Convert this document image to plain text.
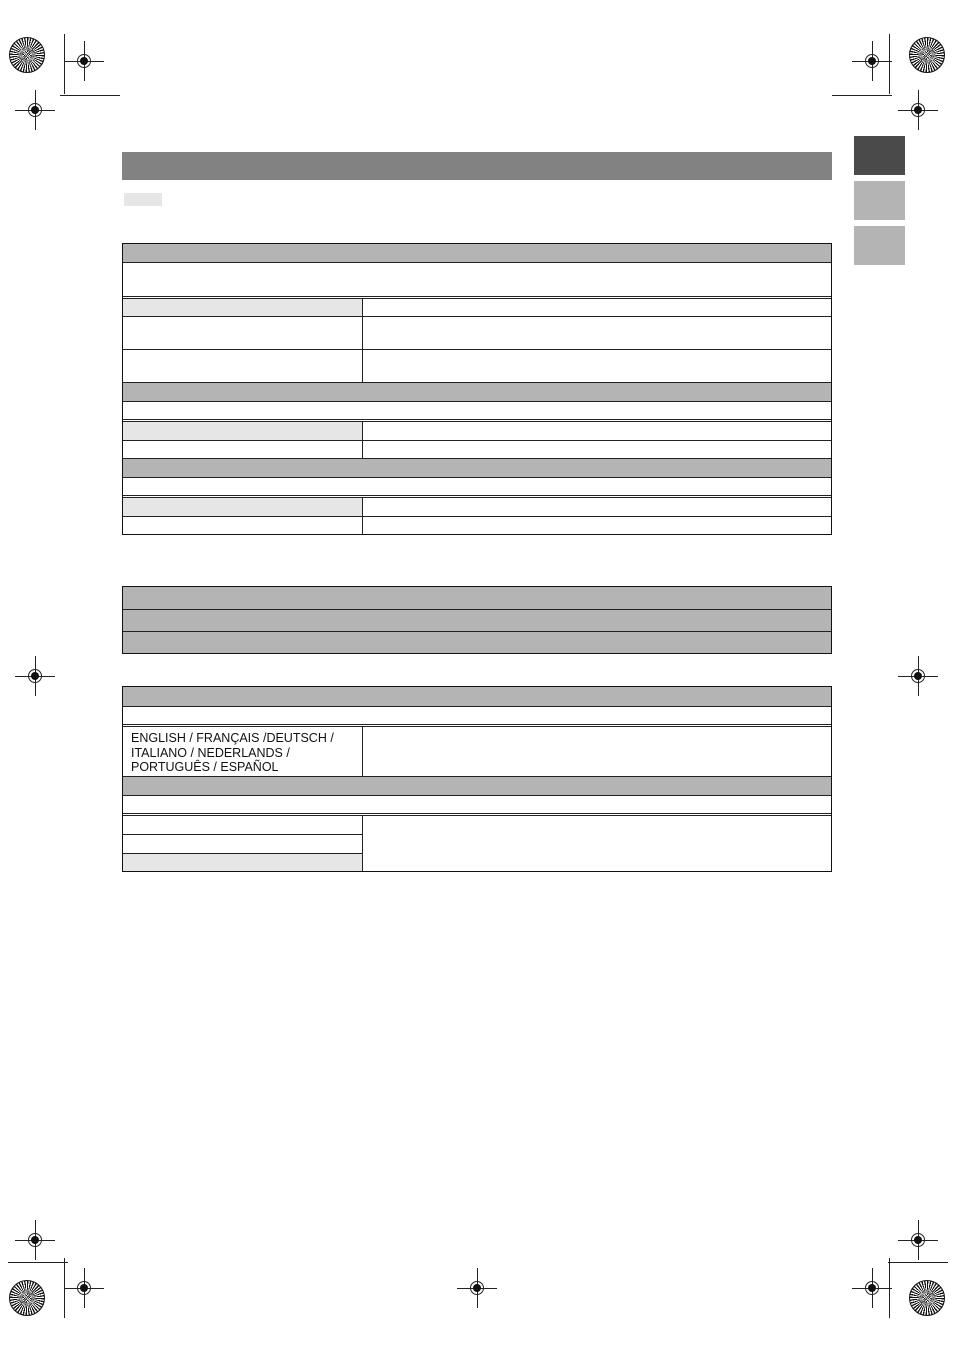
ENGLISH / FRANÇAIS /DEUTSCH / ITALIANO / NEDERLANDS / PORTUGUÊS / ESPAÑOL
